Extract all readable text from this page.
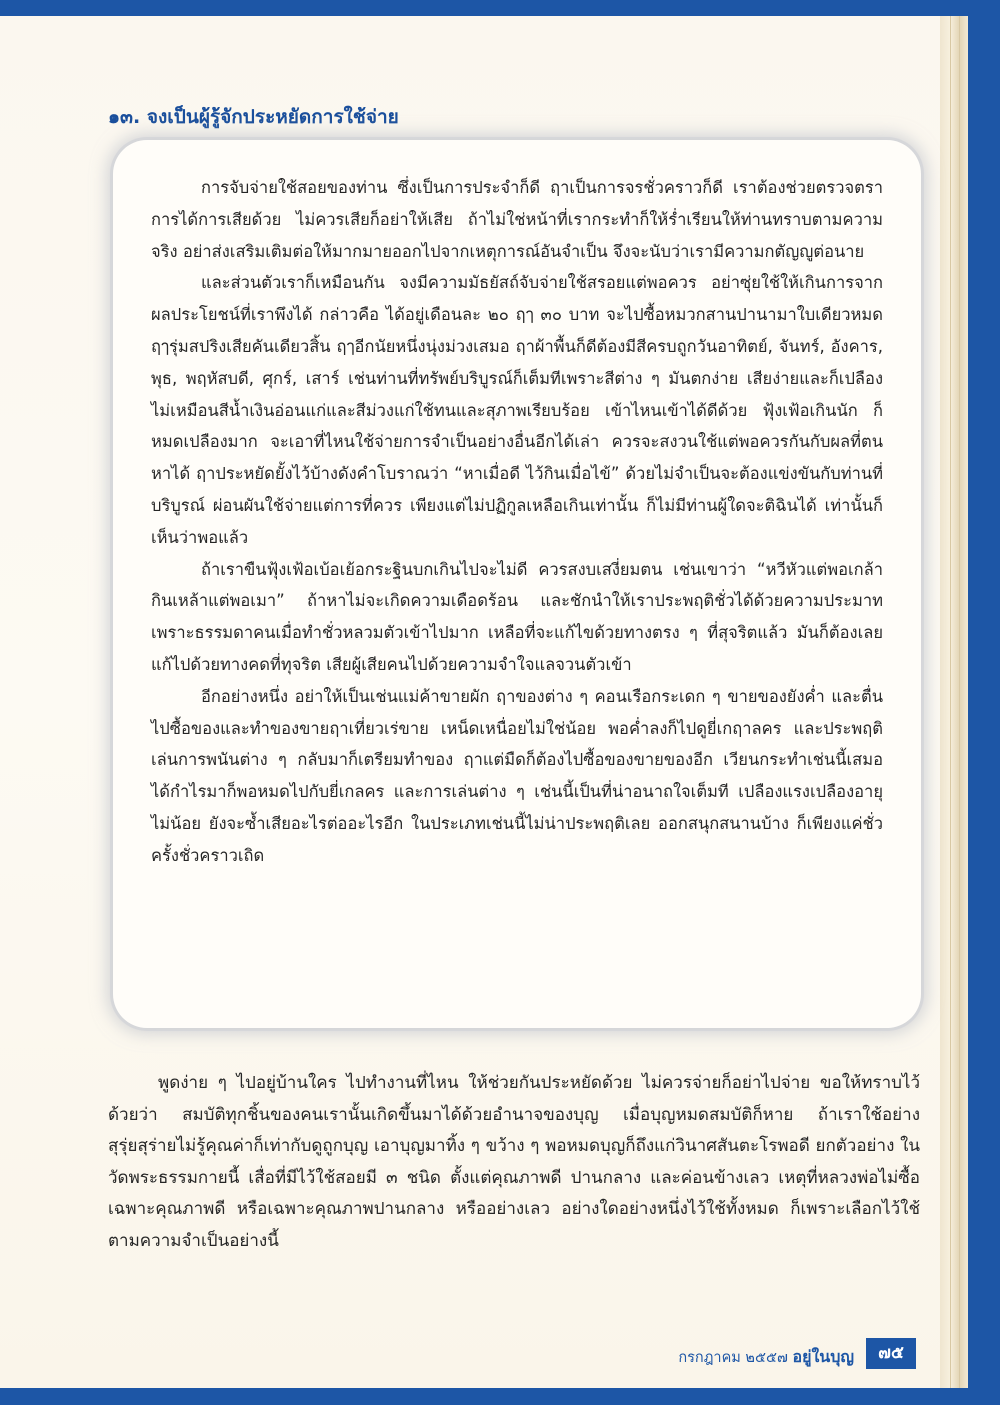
๑๓. จงเป็นผู้รู้จักประหยัดการใช้จ่าย

การจับจ่ายใช้สอยของท่าน ซึ่งเป็นการประจำก็ดี ฤาเป็นการจรชั่วคราวก็ดี เราต้องช่วยตรวจตราการได้การเสียด้วย ไม่ควรเสียก็อย่าให้เสีย ถ้าไม่ใช่หน้าที่เรากระทำก็ให้ร่ำเรียนให้ท่านทราบตามความจริง อย่าส่งเสริมเติมต่อให้มากมายออกไปจากเหตุการณ์อันจำเป็น จึงจะนับว่าเรามีความกตัญญูต่อนาย

และส่วนตัวเราก็เหมือนกัน จงมีความมัธยัสถ์จับจ่ายใช้สรอยแต่พอควร อย่าซุ่ยใช้ให้เกินการจากผลประโยชน์ที่เราพึงได้ กล่าวคือ ได้อยู่เดือนละ ๒๐ ฤๅ ๓๐ บาท จะไปซื้อหมวกสานปานามาใบเดียวหมด ฤๅรุ่มสปริงเสียคันเดียวสิ้น ฤๅอีกนัยหนึ่งนุ่งม่วงเสมอ ฤาผ้าพื้นก็ดีต้องมีสีครบถูกวันอาทิตย์, จันทร์, อังคาร, พุธ, พฤหัสบดี, ศุกร์, เสาร์ เช่นท่านที่ทรัพย์บริบูรณ์ก็เต็มทีเพราะสีต่าง ๆ มันตกง่าย เสียง่ายและก็เปลือง ไม่เหมือนสีน้ำเงินอ่อนแก่และสีม่วงแก่ใช้ทนและสุภาพเรียบร้อย เข้าไหนเข้าได้ดีด้วย ฟุ้งเฟ้อเกินนัก ก็หมดเปลืองมาก จะเอาที่ไหนใช้จ่ายการจำเป็นอย่างอื่นอีกได้เล่า ควรจะสงวนใช้แต่พอควรกันกับผลที่ตนหาได้ ฤาประหยัดยั้งไว้บ้างดังคำโบราณว่า “หาเมื่อดี ไว้กินเมื่อไข้” ด้วยไม่จำเป็นจะต้องแข่งขันกับท่านที่บริบูรณ์ ผ่อนผันใช้จ่ายแต่การที่ควร เพียงแต่ไม่ปฏิกูลเหลือเกินเท่านั้น ก็ไม่มีท่านผู้ใดจะติฉินได้ เท่านั้นก็เห็นว่าพอแล้ว

ถ้าเราขืนฟุ้งเฟ้อเบ้อเย้อกระฐินบกเกินไปจะไม่ดี ควรสงบเสงี่ยมตน เช่นเขาว่า “หวีหัวแต่พอเกล้า กินเหล้าแต่พอเมา” ถ้าหาไม่จะเกิดความเดือดร้อน และชักนำให้เราประพฤติชั่วได้ด้วยความประมาท เพราะธรรมดาคนเมื่อทำชั่วหลวมตัวเข้าไปมาก เหลือที่จะแก้ไขด้วยทางตรง ๆ ที่สุจริตแล้ว มันก็ต้องเลยแก้ไปด้วยทางคดที่ทุจริต เสียผู้เสียคนไปด้วยความจำใจแลจวนตัวเข้า

อีกอย่างหนึ่ง อย่าให้เป็นเช่นแม่ค้าขายผัก ฤาของต่าง ๆ คอนเรือกระเดก ๆ ขายของยังค่ำ และตื่นไปซื้อของและทำของขายฤาเที่ยวเร่ขาย เหน็ดเหนื่อยไม่ใช่น้อย พอค่ำลงก็ไปดูยี่เกฤาลคร และประพฤติเล่นการพนันต่าง ๆ กลับมาก็เตรียมทำของ ฤาแต่มืดก็ต้องไปซื้อของขายของอีก เวียนกระทำเช่นนี้เสมอ ได้กำไรมาก็พอหมดไปกับยี่เกลคร และการเล่นต่าง ๆ เช่นนี้เป็นที่น่าอนาถใจเต็มที เปลืองแรงเปลืองอายุไม่น้อย ยังจะซ้ำเสียอะไรต่ออะไรอีก ในประเภทเช่นนี้ไม่น่าประพฤติเลย ออกสนุกสนานบ้าง ก็เพียงแค่ชั่วครั้งชั่วคราวเถิด

พูดง่าย ๆ ไปอยู่บ้านใคร ไปทำงานที่ไหน ให้ช่วยกันประหยัดด้วย ไม่ควรจ่ายก็อย่าไปจ่าย ขอให้ทราบไว้ด้วยว่า สมบัติทุกชิ้นของคนเรานั้นเกิดขึ้นมาได้ด้วยอำนาจของบุญ เมื่อบุญหมดสมบัติก็หาย ถ้าเราใช้อย่างสุรุ่ยสุร่ายไม่รู้คุณค่าก็เท่ากับดูถูกบุญ เอาบุญมาทิ้ง ๆ ขว้าง ๆ พอหมดบุญก็ถึงแก่วินาศสันตะโรพอดี ยกตัวอย่าง ในวัดพระธรรมกายนี้ เสื่อที่มีไว้ใช้สอยมี ๓ ชนิด ตั้งแต่คุณภาพดี ปานกลาง และค่อนข้างเลว เหตุที่หลวงพ่อไม่ซื้อเฉพาะคุณภาพดี หรือเฉพาะคุณภาพปานกลาง หรืออย่างเลว อย่างใดอย่างหนึ่งไว้ใช้ทั้งหมด ก็เพราะเลือกไว้ใช้ตามความจำเป็นอย่างนี้

กรกฎาคม ๒๕๕๗ อยู่ในบุญ	๗๕
